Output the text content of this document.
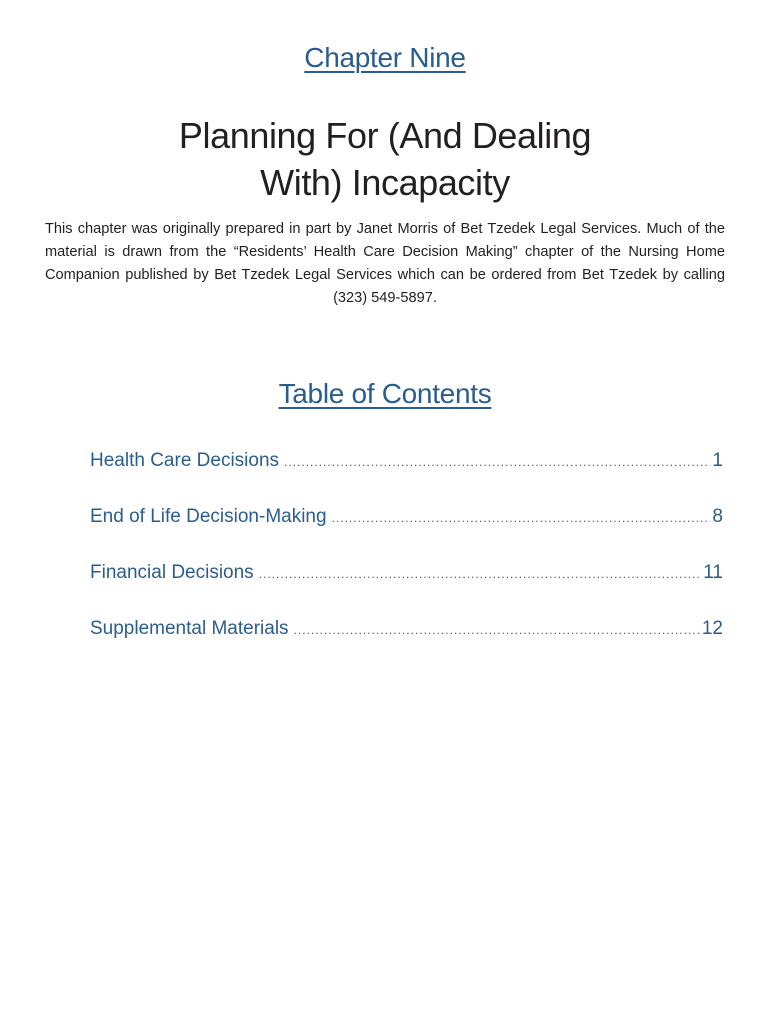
Chapter Nine
Planning For (And Dealing
With) Incapacity

This chapter was originally prepared in part by Janet Morris of Bet Tzedek Legal Services. Much of the material is drawn from the “Residents’ Health Care Decision Making” chapter of the Nursing Home Companion published by Bet Tzedek Legal Services which can be ordered from Bet Tzedek by calling (323) 549-5897.

Table of Contents
Health Care Decisions .....	1
End of Life Decision-Making .....	8
Financial Decisions .....	11
Supplemental Materials .....	12
